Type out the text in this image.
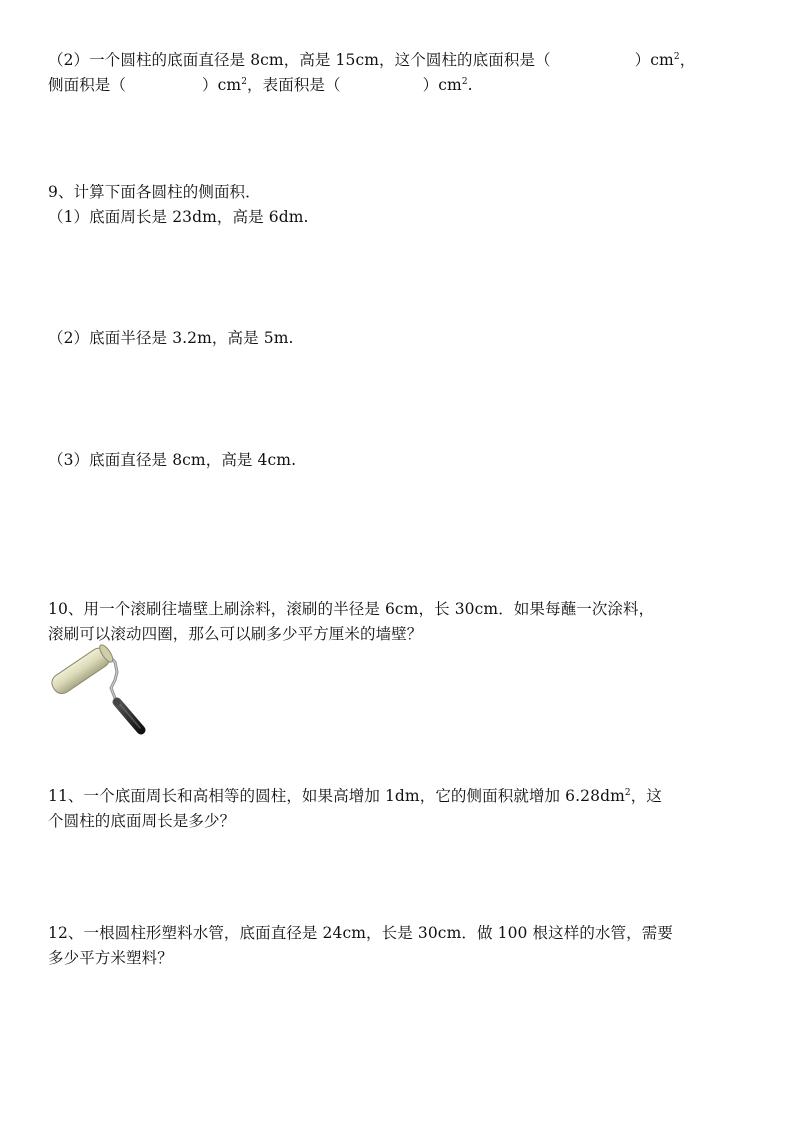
（2）一个圆柱的底面直径是 8cm，高是 15cm，这个圆柱的底面积是（	）$cm^2$，
侧面积是（	）$cm^2$，表面积是（	）$cm^2$.
9、计算下面各圆柱的侧面积．
（1）底面周长是 23dm，高是 6dm.
（2）底面半径是 3.2m，高是 5m.
（3）底面直径是 8cm，高是 4cm.
10、用一个滚刷往墙壁上刷涂料，滚刷的半径是 6cm，长 30cm．如果每蘸一次涂料，
滚刷可以滚动四圈，那么可以刷多少平方厘米的墙壁？
11、一个底面周长和高相等的圆柱，如果高增加 1dm，它的侧面积就增加 $6.28dm^2$，这
个圆柱的底面周长是多少？
12、一根圆柱形塑料水管，底面直径是 24cm，长是 30cm．做 100 根这样的水管，需要
多少平方米塑料？
